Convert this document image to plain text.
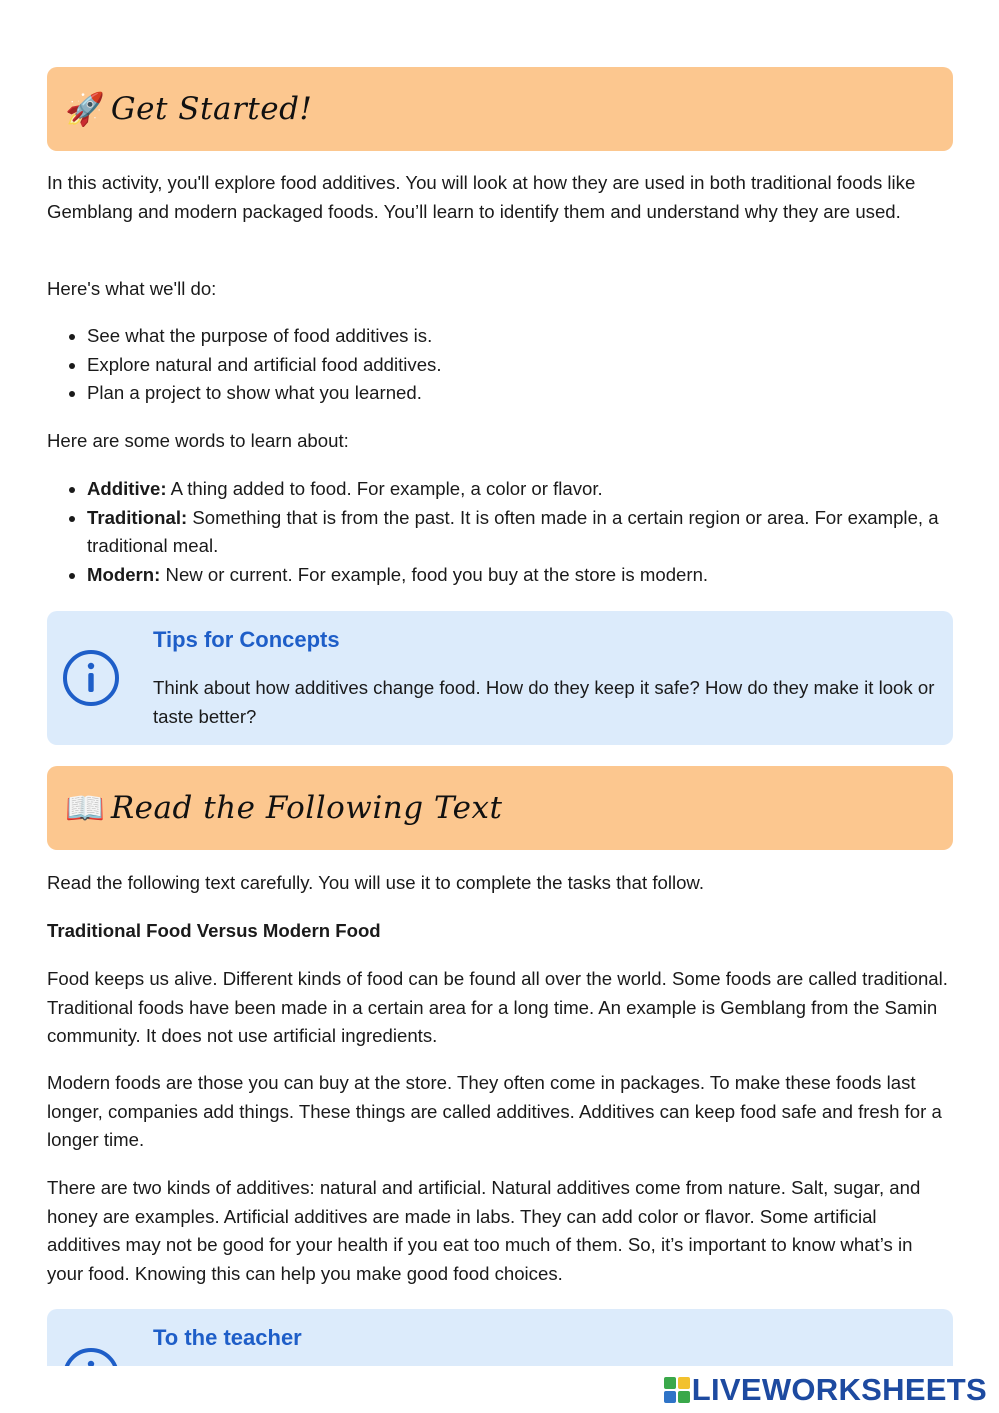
🚀 Get Started!

In this activity, you'll explore food additives. You will look at how they are used in both traditional foods like Gemblang and modern packaged foods. You’ll learn to identify them and understand why they are used.

Here's what we'll do:

• See what the purpose of food additives is.
• Explore natural and artificial food additives.
• Plan a project to show what you learned.

Here are some words to learn about:

• Additive: A thing added to food. For example, a color or flavor.
• Traditional: Something that is from the past. It is often made in a certain region or area. For example, a traditional meal.
• Modern: New or current. For example, food you buy at the store is modern.
Tips for Concepts

Think about how additives change food. How do they keep it safe? How do they make it look or taste better?

📖 Read the Following Text

Read the following text carefully. You will use it to complete the tasks that follow.

Traditional Food Versus Modern Food

Food keeps us alive. Different kinds of food can be found all over the world. Some foods are called traditional. Traditional foods have been made in a certain area for a long time. An example is Gemblang from the Samin community. It does not use artificial ingredients.

Modern foods are those you can buy at the store. They often come in packages. To make these foods last longer, companies add things. These things are called additives. Additives can keep food safe and fresh for a longer time.

There are two kinds of additives: natural and artificial. Natural additives come from nature. Salt, sugar, and honey are examples. Artificial additives are made in labs. They can add color or flavor. Some artificial additives may not be good for your health if you eat too much of them. So, it’s important to know what’s in your food. Knowing this can help you make good food choices.

To the teacher
LIVEWORKSHEETS
